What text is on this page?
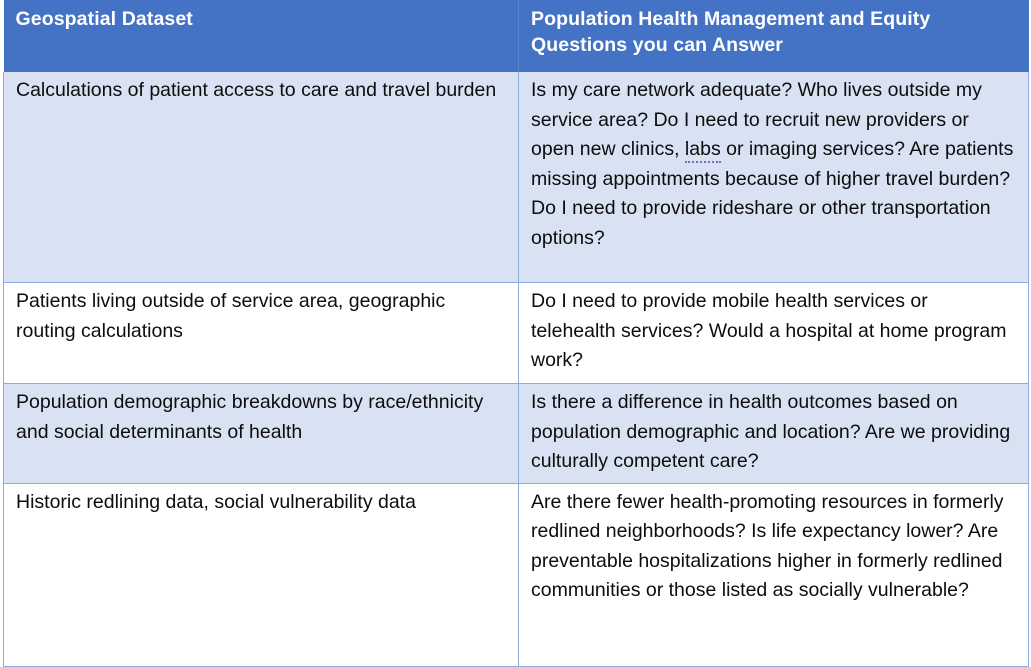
Geospatial Dataset	Population Health Management and Equity Questions you can Answer

Calculations of patient access to care and travel burden	Is my care network adequate? Who lives outside my service area? Do I need to recruit new providers or open new clinics, labs or imaging services? Are patients missing appointments because of higher travel burden? Do I need to provide rideshare or other transportation options?

Patients living outside of service area, geographic routing calculations	Do I need to provide mobile health services or telehealth services? Would a hospital at home program work?

Population demographic breakdowns by race/ethnicity and social determinants of health	Is there a difference in health outcomes based on population demographic and location? Are we providing culturally competent care?

Historic redlining data, social vulnerability data	Are there fewer health-promoting resources in formerly redlined neighborhoods? Is life expectancy lower? Are preventable hospitalizations higher in formerly redlined communities or those listed as socially vulnerable?
